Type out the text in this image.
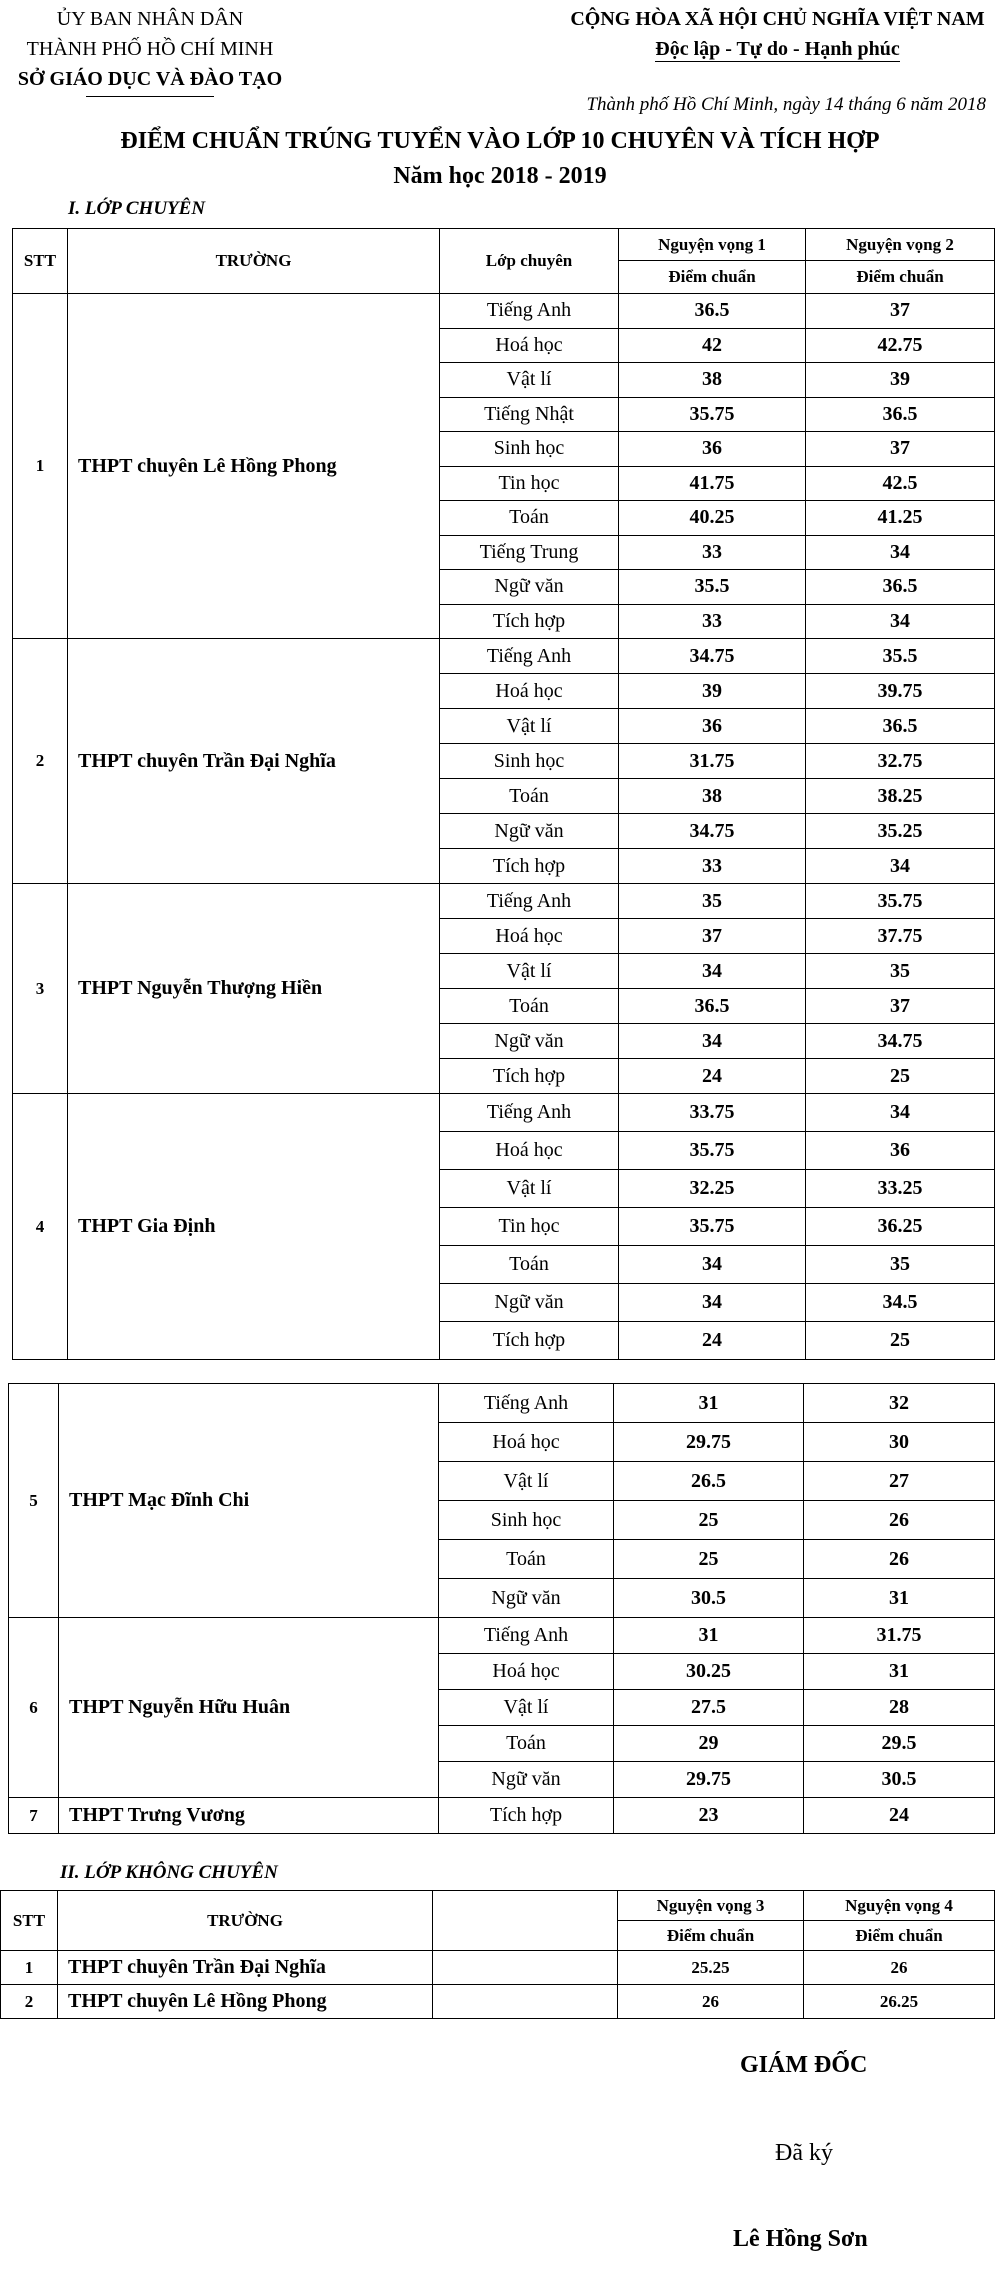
ỦY BAN NHÂN DÂN
THÀNH PHỐ HỒ CHÍ MINH
SỞ GIÁO DỤC VÀ ĐÀO TẠO
CỘNG HÒA XÃ HỘI CHỦ NGHĨA VIỆT NAM
Độc lập - Tự do - Hạnh phúc
Thành phố Hồ Chí Minh, ngày 14 tháng 6 năm 2018
ĐIỂM CHUẨN TRÚNG TUYỂN VÀO LỚP 10 CHUYÊN VÀ TÍCH HỢP
Năm học 2018 - 2019
I. LỚP CHUYÊN
STT	TRƯỜNG	Lớp chuyên	Nguyện vọng 1	Nguyện vọng 2
			Điểm chuẩn	Điểm chuẩn
1	THPT chuyên Lê Hồng Phong	Tiếng Anh	36.5	37
		Hoá học	42	42.75
		Vật lí	38	39
		Tiếng Nhật	35.75	36.5
		Sinh học	36	37
		Tin học	41.75	42.5
		Toán	40.25	41.25
		Tiếng Trung	33	34
		Ngữ văn	35.5	36.5
		Tích hợp	33	34
2	THPT chuyên Trần Đại Nghĩa	Tiếng Anh	34.75	35.5
		Hoá học	39	39.75
		Vật lí	36	36.5
		Sinh học	31.75	32.75
		Toán	38	38.25
		Ngữ văn	34.75	35.25
		Tích hợp	33	34
3	THPT Nguyễn Thượng Hiền	Tiếng Anh	35	35.75
		Hoá học	37	37.75
		Vật lí	34	35
		Toán	36.5	37
		Ngữ văn	34	34.75
		Tích hợp	24	25
4	THPT Gia Định	Tiếng Anh	33.75	34
		Hoá học	35.75	36
		Vật lí	32.25	33.25
		Tin học	35.75	36.25
		Toán	34	35
		Ngữ văn	34	34.5
		Tích hợp	24	25
5	THPT Mạc Đĩnh Chi	Tiếng Anh	31	32
		Hoá học	29.75	30
		Vật lí	26.5	27
		Sinh học	25	26
		Toán	25	26
		Ngữ văn	30.5	31
6	THPT Nguyễn Hữu Huân	Tiếng Anh	31	31.75
		Hoá học	30.25	31
		Vật lí	27.5	28
		Toán	29	29.5
		Ngữ văn	29.75	30.5
7	THPT Trưng Vương	Tích hợp	23	24
II. LỚP KHÔNG CHUYÊN
STT	TRƯỜNG		Nguyện vọng 3	Nguyện vọng 4
			Điểm chuẩn	Điểm chuẩn
1	THPT chuyên Trần Đại Nghĩa		25.25	26
2	THPT chuyên Lê Hồng Phong		26	26.25
GIÁM ĐỐC
Đã ký
Lê Hồng Sơn
